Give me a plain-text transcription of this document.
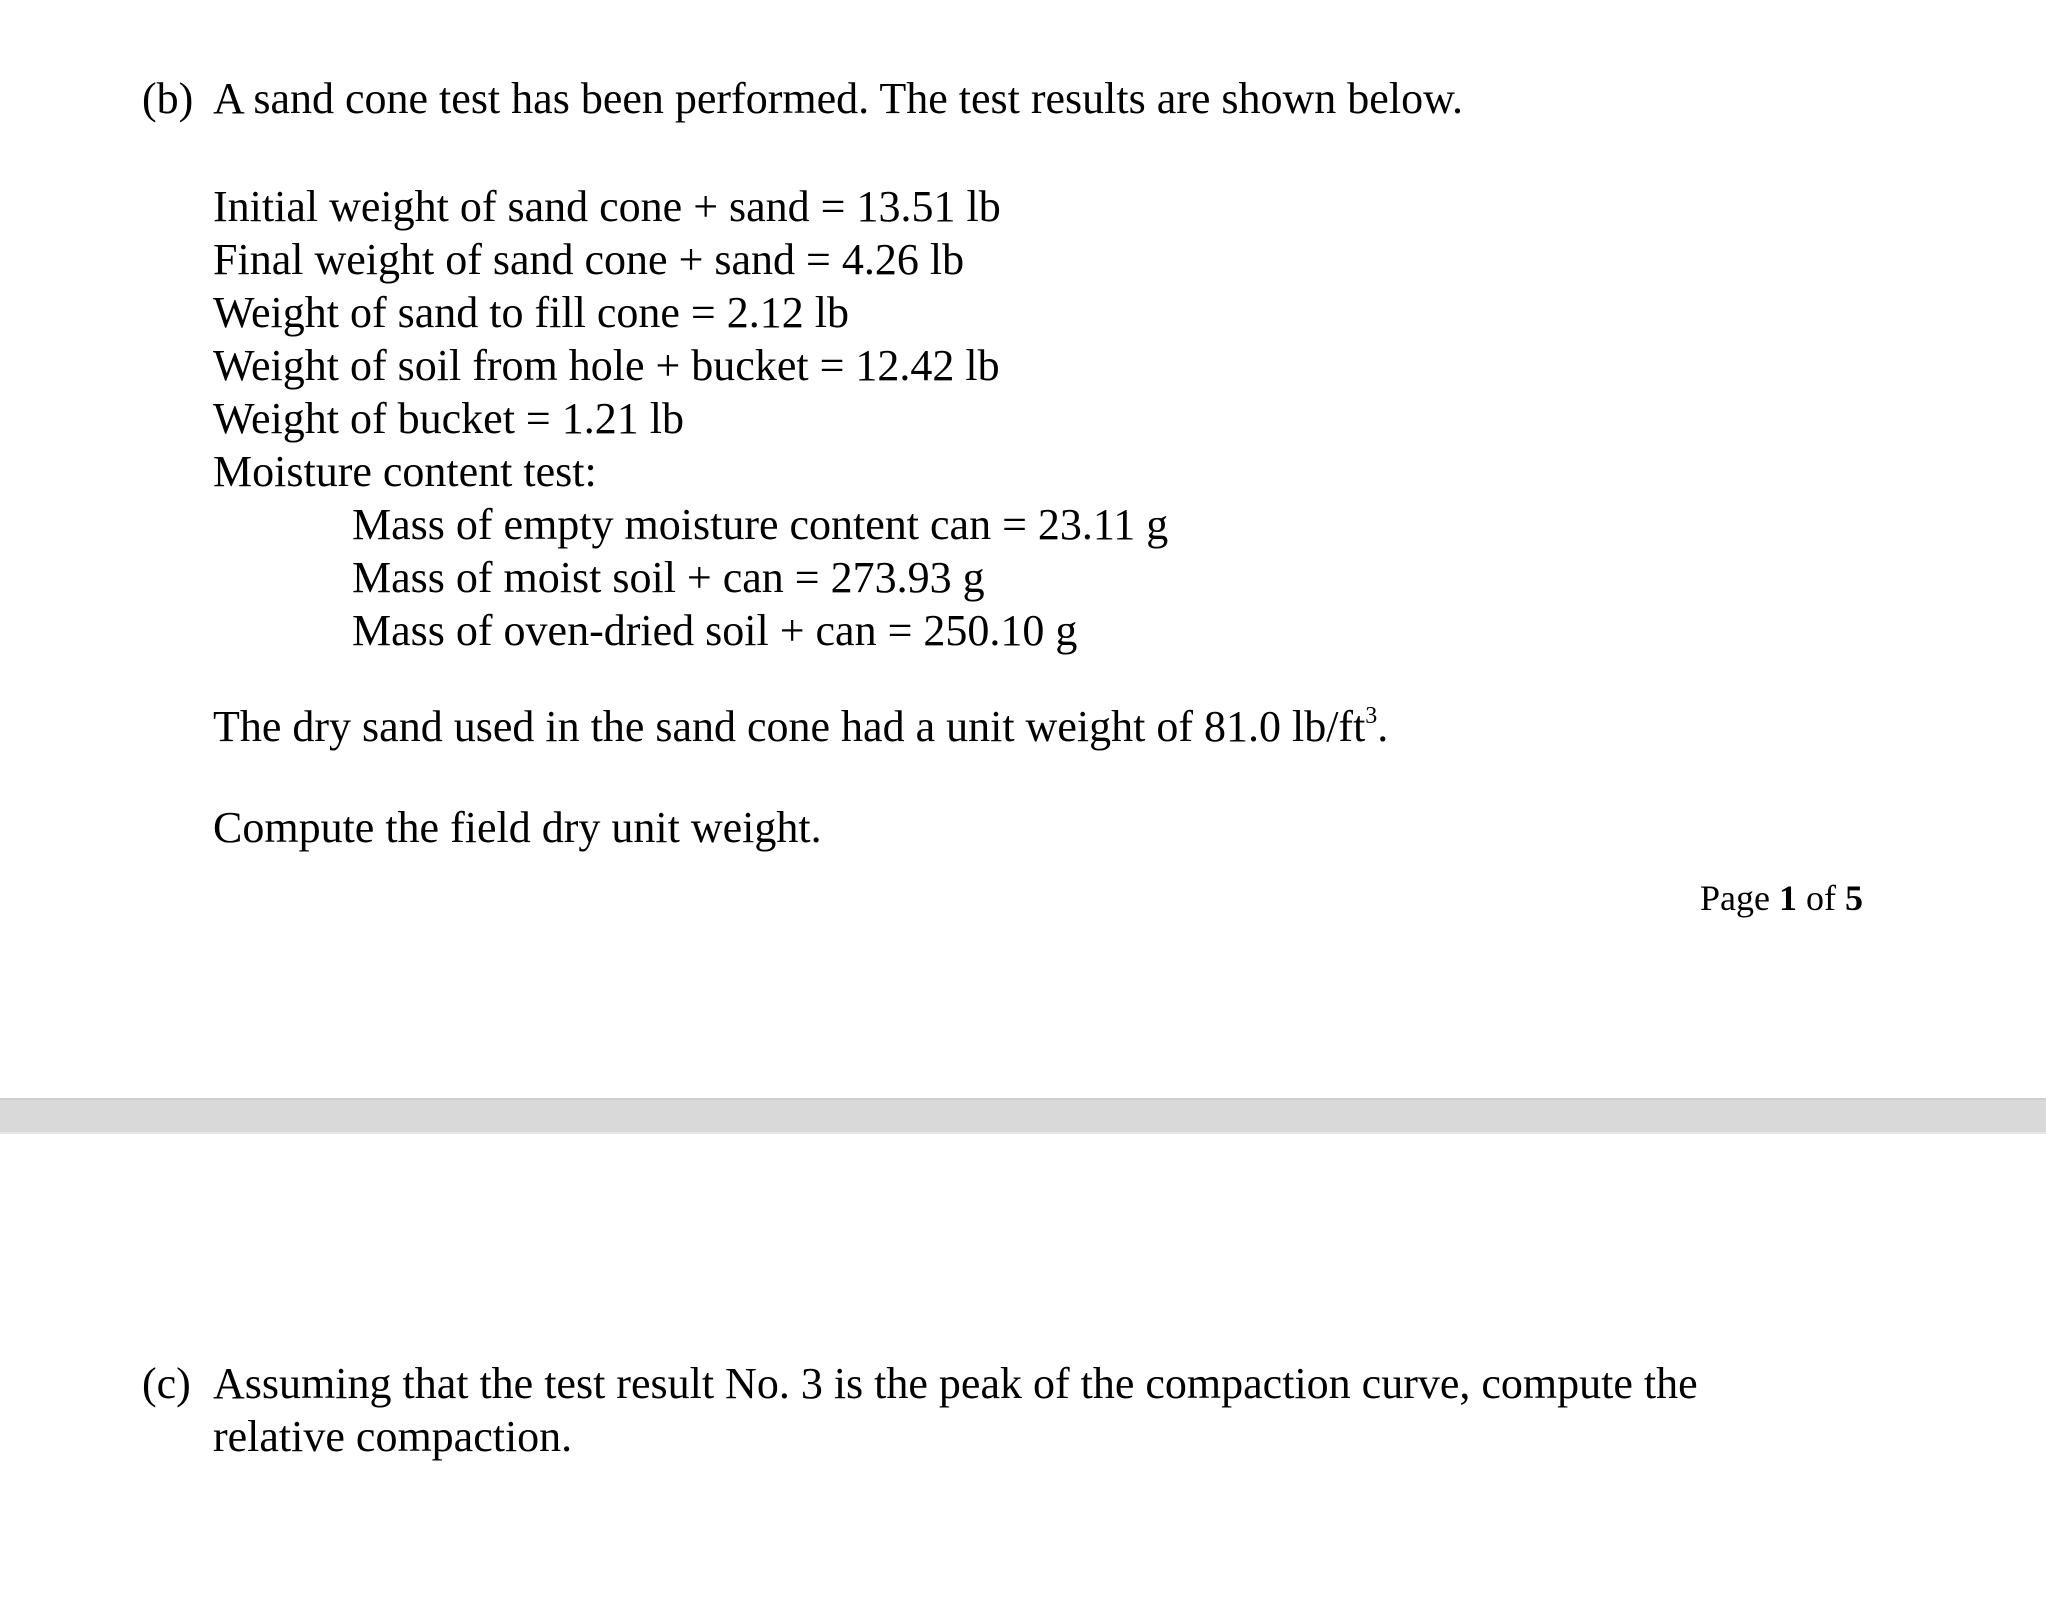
(b) A sand cone test has been performed. The test results are shown below.
Initial weight of sand cone + sand = 13.51 lb
Final weight of sand cone + sand = 4.26 lb
Weight of sand to fill cone = 2.12 lb
Weight of soil from hole + bucket = 12.42 lb
Weight of bucket = 1.21 lb
Moisture content test:
Mass of empty moisture content can = 23.11 g
Mass of moist soil + can = 273.93 g
Mass of oven-dried soil + can = 250.10 g
The dry sand used in the sand cone had a unit weight of 81.0 $lb/ft^3$.
Compute the field dry unit weight.
Page 1 of 5
(c) Assuming that the test result No. 3 is the peak of the compaction curve, compute the
relative compaction.
